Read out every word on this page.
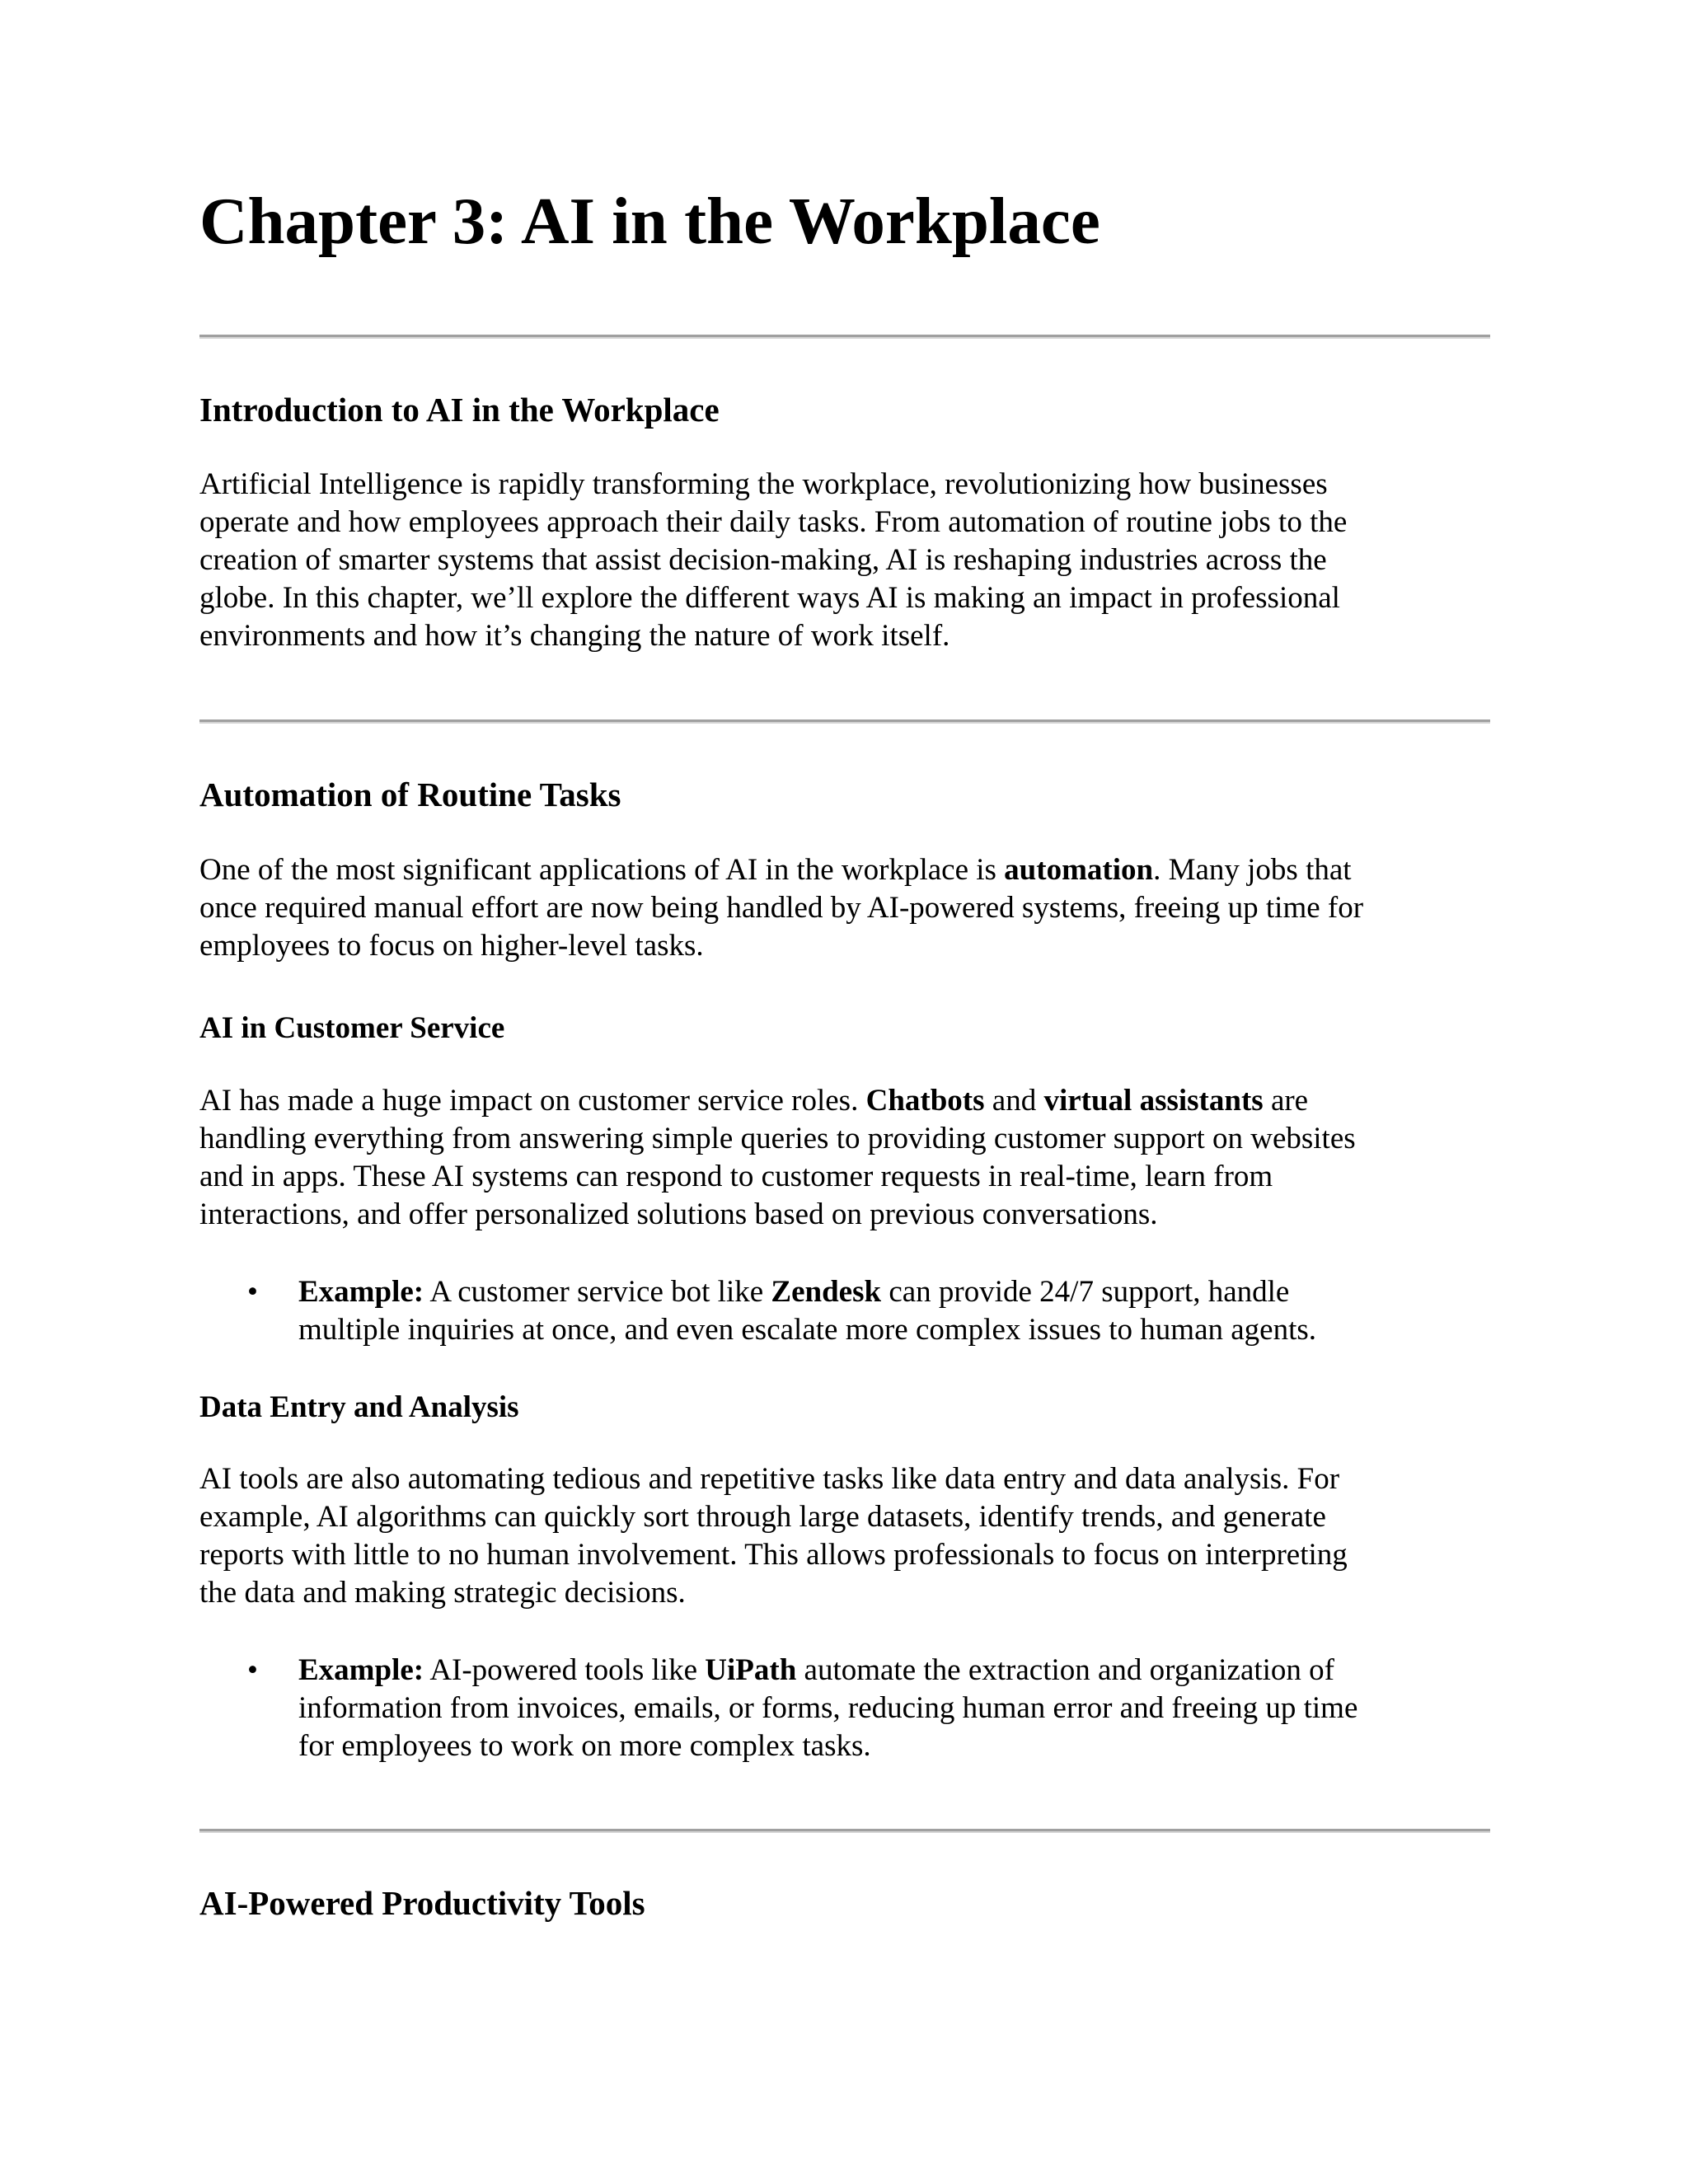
Chapter 3: AI in the Workplace
Introduction to AI in the Workplace

Artificial Intelligence is rapidly transforming the workplace, revolutionizing how businesses
operate and how employees approach their daily tasks. From automation of routine jobs to the
creation of smarter systems that assist decision-making, AI is reshaping industries across the
globe. In this chapter, we’ll explore the different ways AI is making an impact in professional
environments and how it’s changing the nature of work itself.

Automation of Routine Tasks

One of the most significant applications of AI in the workplace is automation. Many jobs that
once required manual effort are now being handled by AI-powered systems, freeing up time for
employees to focus on higher-level tasks.

AI in Customer Service

AI has made a huge impact on customer service roles. Chatbots and virtual assistants are
handling everything from answering simple queries to providing customer support on websites
and in apps. These AI systems can respond to customer requests in real-time, learn from
interactions, and offer personalized solutions based on previous conversations.

• Example: A customer service bot like Zendesk can provide 24/7 support, handle
multiple inquiries at once, and even escalate more complex issues to human agents.
Data Entry and Analysis

AI tools are also automating tedious and repetitive tasks like data entry and data analysis. For
example, AI algorithms can quickly sort through large datasets, identify trends, and generate
reports with little to no human involvement. This allows professionals to focus on interpreting
the data and making strategic decisions.

• Example: AI-powered tools like UiPath automate the extraction and organization of
information from invoices, emails, or forms, reducing human error and freeing up time
for employees to work on more complex tasks.
AI-Powered Productivity Tools
